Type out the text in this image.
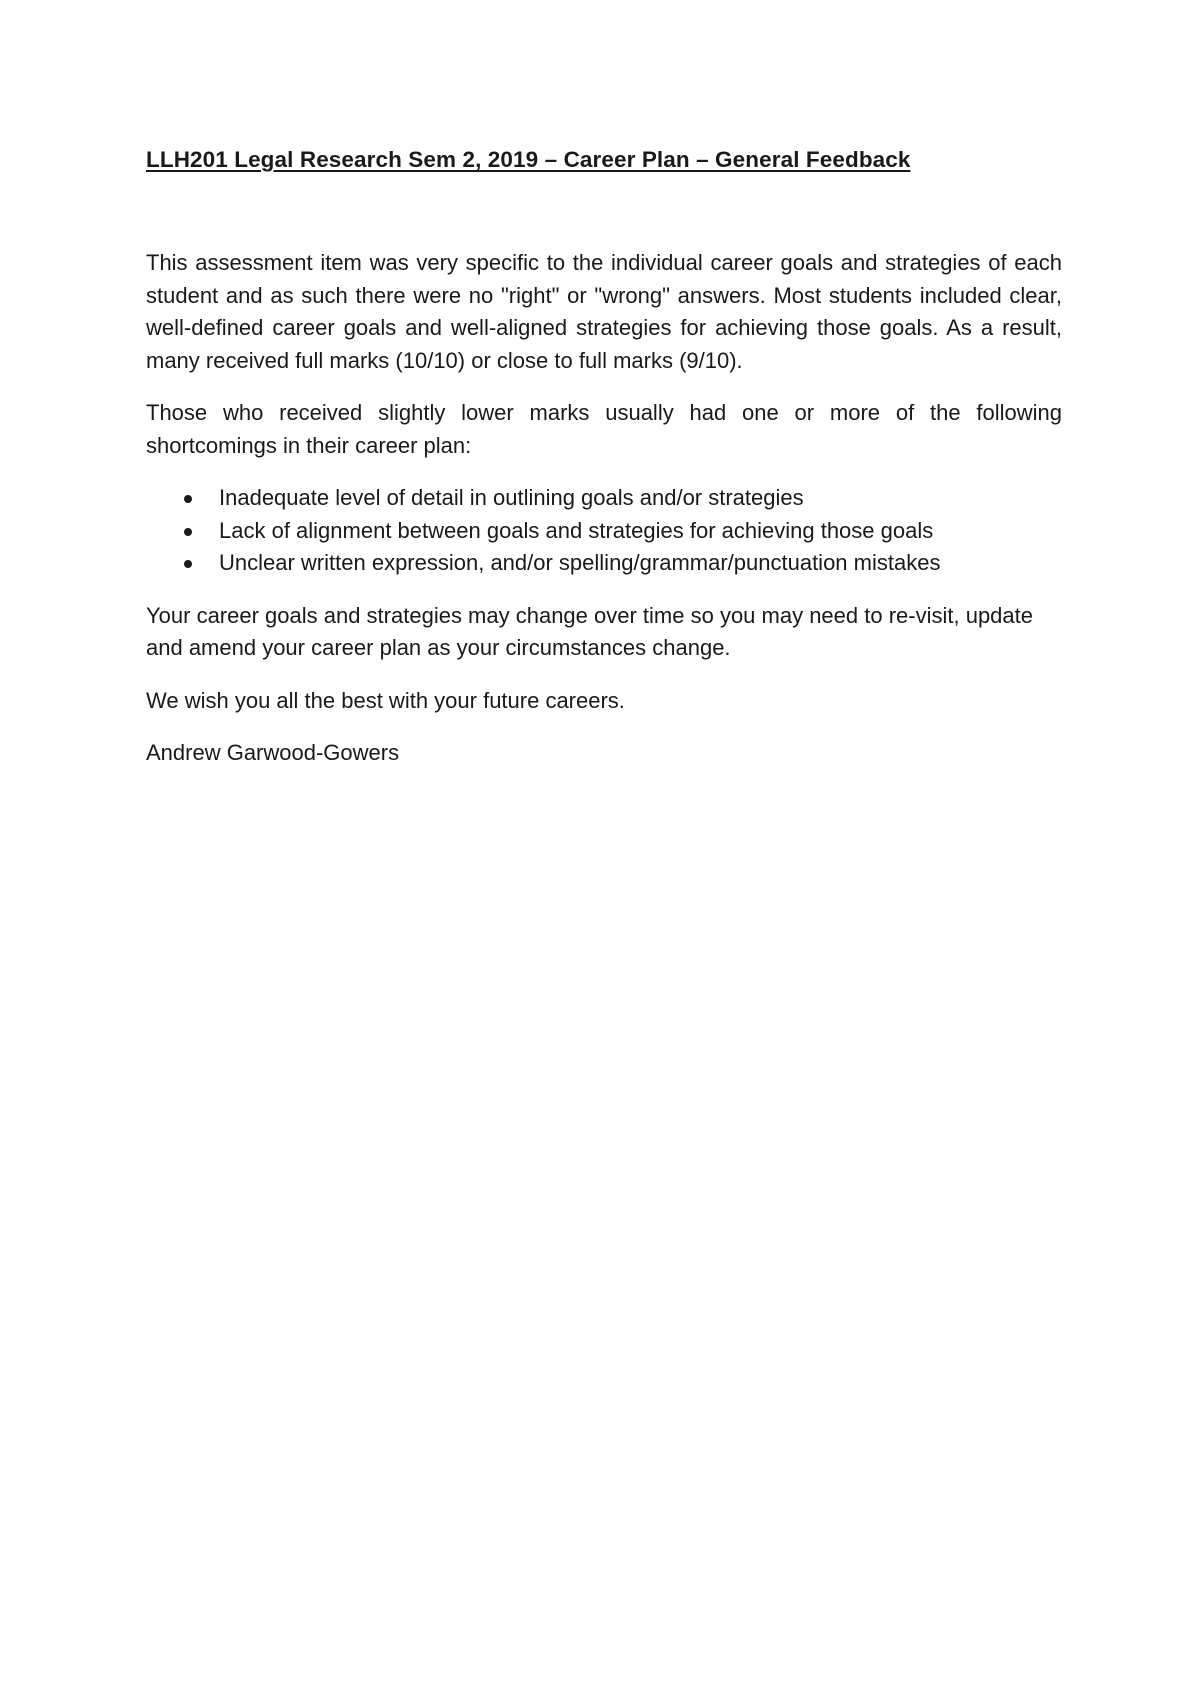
LLH201 Legal Research Sem 2, 2019 – Career Plan – General Feedback

This assessment item was very specific to the individual career goals and strategies of each student and as such there were no "right" or "wrong" answers. Most students included clear, well-defined career goals and well-aligned strategies for achieving those goals. As a result, many received full marks (10/10) or close to full marks (9/10).

Those who received slightly lower marks usually had one or more of the following shortcomings in their career plan:

Inadequate level of detail in outlining goals and/or strategies
Lack of alignment between goals and strategies for achieving those goals
Unclear written expression, and/or spelling/grammar/punctuation mistakes

Your career goals and strategies may change over time so you may need to re-visit, update and amend your career plan as your circumstances change.

We wish you all the best with your future careers.

Andrew Garwood-Gowers
